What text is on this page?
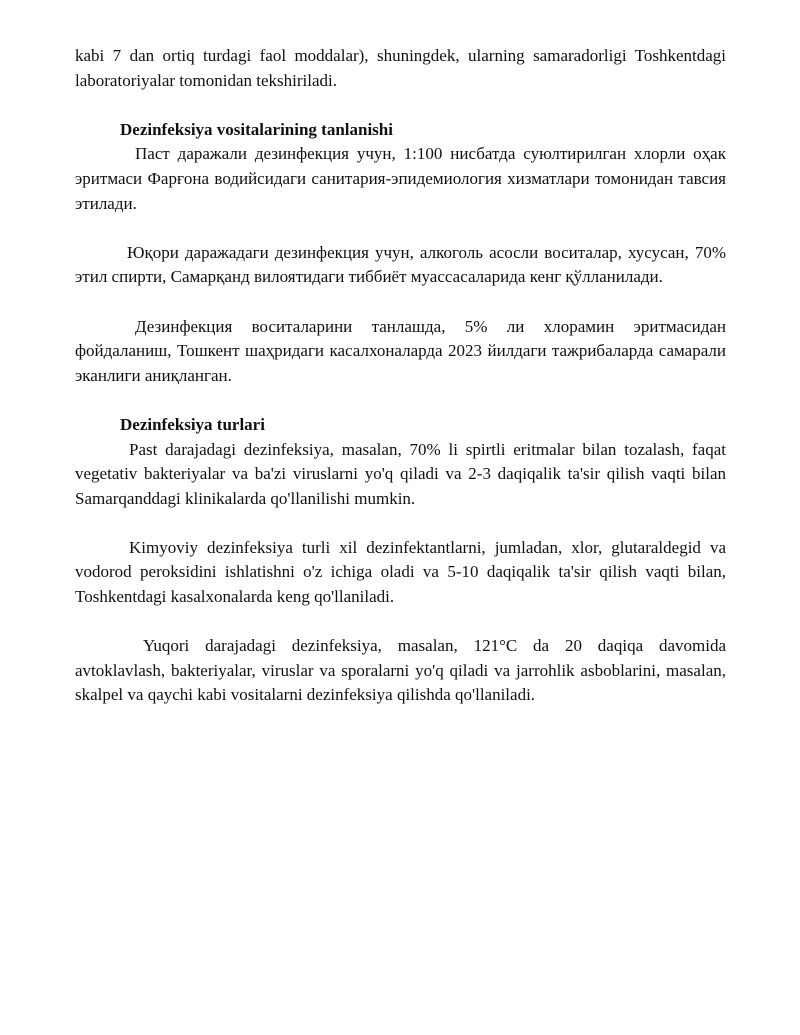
kabi 7 dan ortiq turdagi faol moddalar), shuningdek, ularning samaradorligi Toshkentdagi laboratoriyalar tomonidan tekshiriladi.

Dezinfeksiya vositalarining tanlanishi

Паст даражали дезинфекция учун, 1:100 нисбатда суюлтирилган хлорли оҳак эритмаси Фарғона водийсидаги санитария-эпидемиология хизматлари томонидан тавсия этилади.

Юқори даражадаги дезинфекция учун, алкоголь асосли воситалар, хусусан, 70% этил спирти, Самарқанд вилоятидаги тиббиёт муассасаларида кенг қўлланилади.

Дезинфекция воситаларини танлашда, 5% ли хлорамин эритмасидан фойдаланиш, Тошкент шаҳридаги касалхоналарда 2023 йилдаги тажрибаларда самарали эканлиги аниқланган.

Dezinfeksiya turlari

Past darajadagi dezinfeksiya, masalan, 70% li spirtli eritmalar bilan tozalash, faqat vegetativ bakteriyalar va ba'zi viruslarni yo'q qiladi va 2-3 daqiqalik ta'sir qilish vaqti bilan Samarqanddagi klinikalarda qo'llanilishi mumkin.

Kimyoviy dezinfeksiya turli xil dezinfektantlarni, jumladan, xlor, glutaraldegid va vodorod peroksidini ishlatishni o'z ichiga oladi va 5-10 daqiqalik ta'sir qilish vaqti bilan, Toshkentdagi kasalxonalarda keng qo'llaniladi.

Yuqori darajadagi dezinfeksiya, masalan, 121°C da 20 daqiqa davomida avtoklavlash, bakteriyalar, viruslar va sporalarni yo'q qiladi va jarrohlik asboblarini, masalan, skalpel va qaychi kabi vositalarni dezinfeksiya qilishda qo'llaniladi.
